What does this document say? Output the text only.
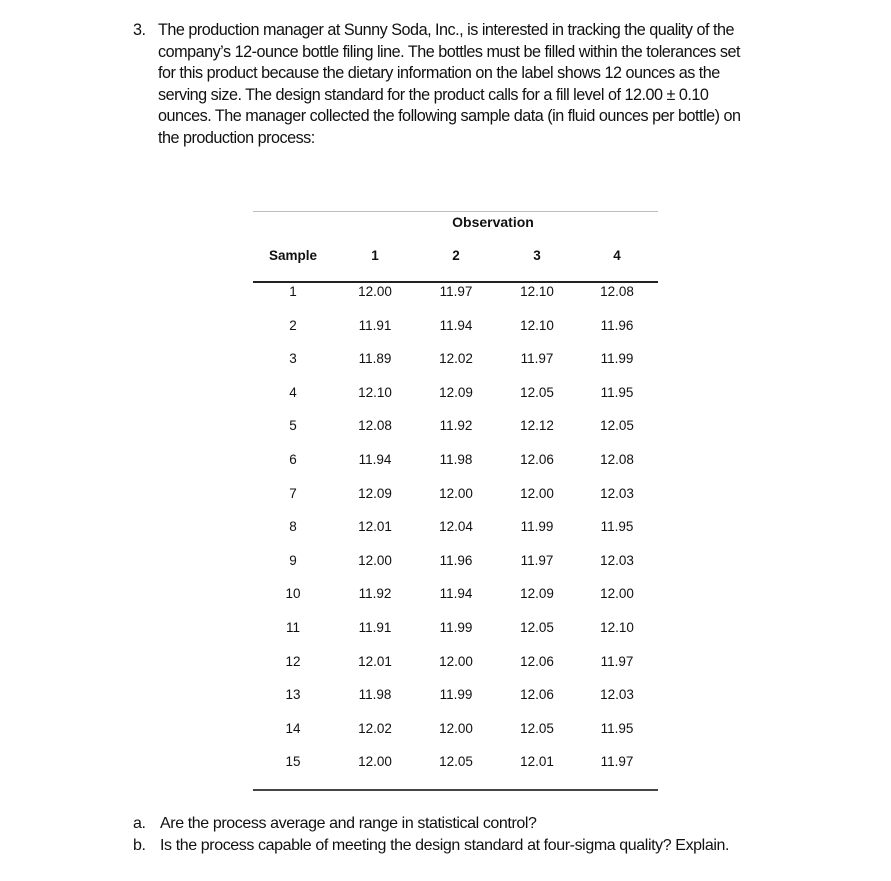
3. The production manager at Sunny Soda, Inc., is interested in tracking the quality of the
company’s 12-ounce bottle filing line. The bottles must be filled within the tolerances set
for this product because the dietary information on the label shows 12 ounces as the
serving size. The design standard for the product calls for a fill level of 12.00 ± 0.10
ounces. The manager collected the following sample data (in fluid ounces per bottle) on
the production process:
Observation
Sample	1	2	3	4
1	12.00	11.97	12.10	12.08
2	11.91	11.94	12.10	11.96
3	11.89	12.02	11.97	11.99
4	12.10	12.09	12.05	11.95
5	12.08	11.92	12.12	12.05
6	11.94	11.98	12.06	12.08
7	12.09	12.00	12.00	12.03
8	12.01	12.04	11.99	11.95
9	12.00	11.96	11.97	12.03
10	11.92	11.94	12.09	12.00
11	11.91	11.99	12.05	12.10
12	12.01	12.00	12.06	11.97
13	11.98	11.99	12.06	12.03
14	12.02	12.00	12.05	11.95
15	12.00	12.05	12.01	11.97
a. Are the process average and range in statistical control?
b. Is the process capable of meeting the design standard at four-sigma quality? Explain.
